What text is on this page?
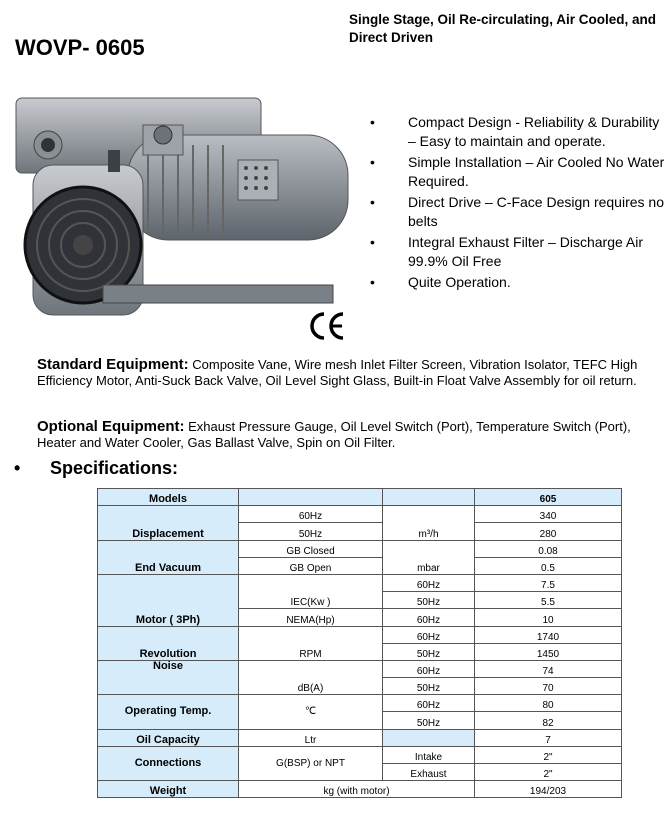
WOVP- 0605
Single Stage, Oil Re-circulating, Air Cooled, and Direct Driven
• Compact Design - Reliability & Durability – Easy to maintain and operate.
• Simple Installation – Air Cooled No Water Required.
• Direct Drive – C-Face Design requires no belts
• Integral Exhaust Filter – Discharge Air 99.9% Oil Free
• Quite Operation.
Standard Equipment: Composite Vane, Wire mesh Inlet Filter Screen, Vibration Isolator, TEFC High Efficiency Motor, Anti-Suck Back Valve, Oil Level Sight Glass, Built-in Float Valve Assembly for oil return.
Optional Equipment: Exhaust Pressure Gauge, Oil Level Switch (Port), Temperature Switch (Port), Heater and Water Cooler, Gas Ballast Valve, Spin on Oil Filter.
• Specifications:
Models			605
Displacement	60Hz	m³/h	340
	50Hz		280
End Vacuum	GB Closed	mbar	0.08
	GB Open		0.5
Motor ( 3Ph)	IEC(Kw )	60Hz	7.5
		50Hz	5.5
	NEMA(Hp)	60Hz	10
Revolution	RPM	60Hz	1740
		50Hz	1450
Noise	dB(A)	60Hz	74
		50Hz	70
Operating Temp.	℃	60Hz	80
		50Hz	82
Oil Capacity	Ltr		7
Connections	G(BSP) or NPT	Intake	2"
		Exhaust	2"
Weight	kg (with motor)		194/203
